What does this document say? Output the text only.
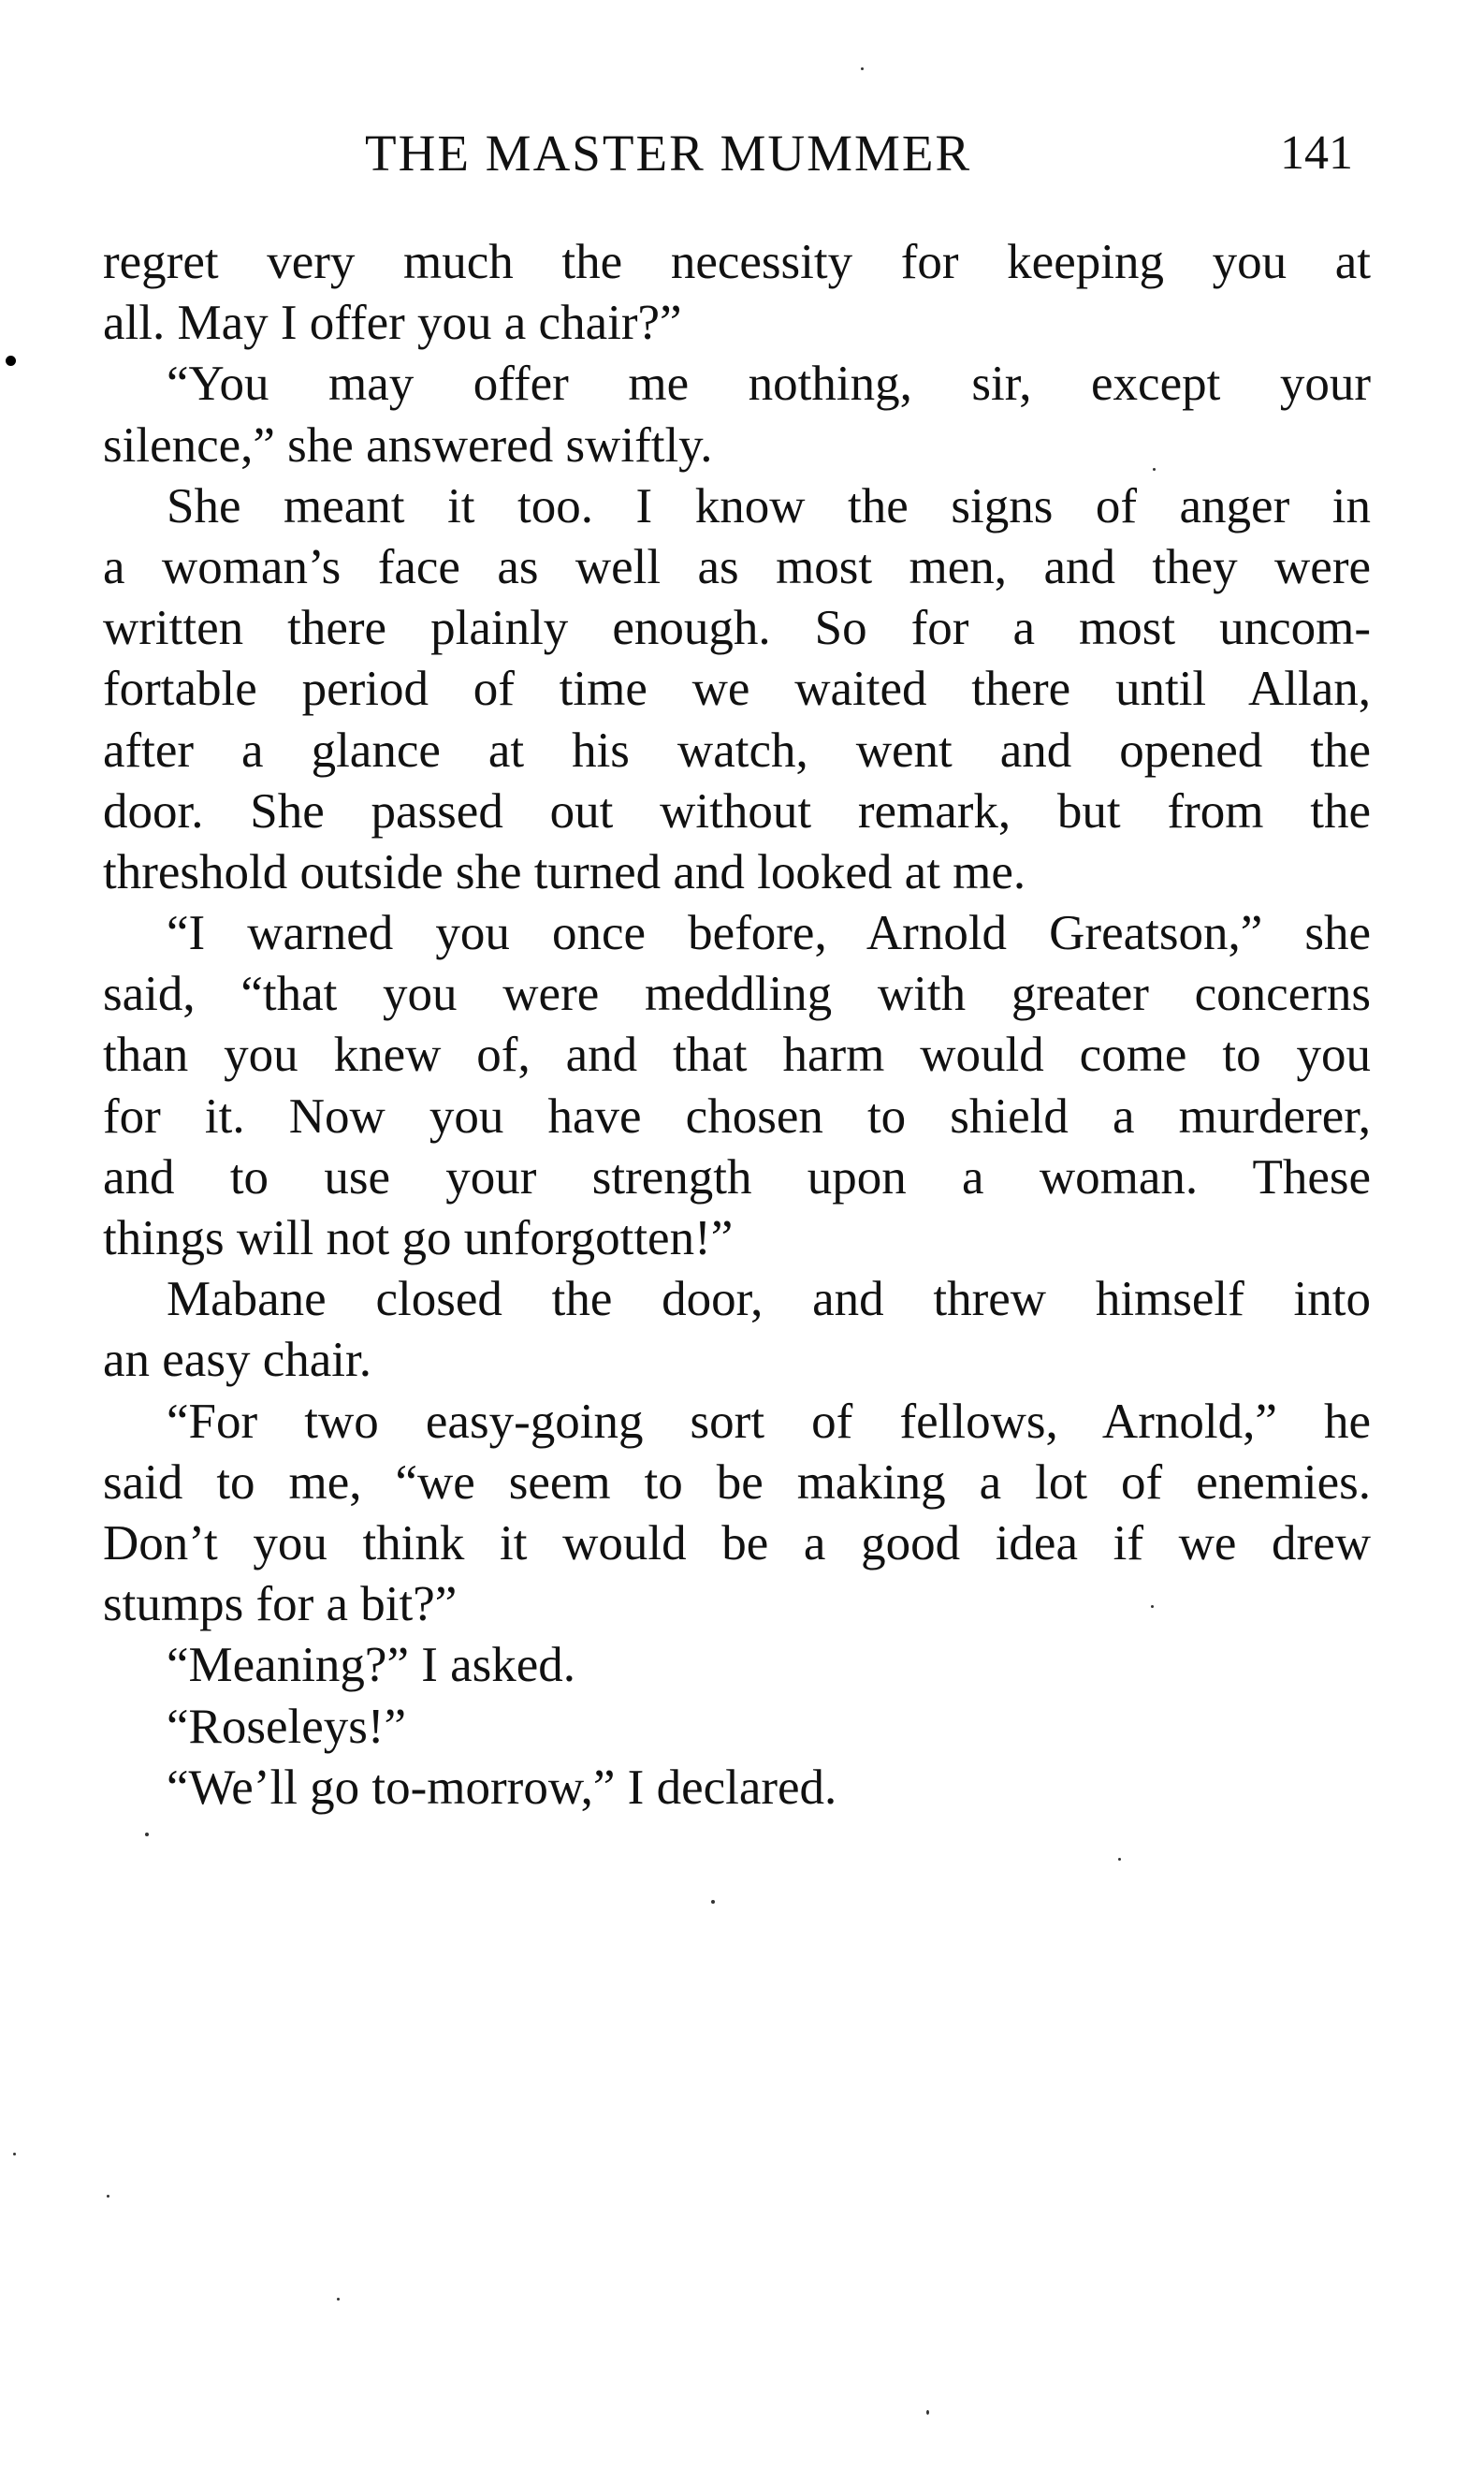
THE MASTER MUMMER	141
regret very much the necessity for keeping you at
all. May I offer you a chair?”
“You may offer me nothing, sir, except your
silence,” she answered swiftly.
She meant it too. I know the signs of anger in
a woman’s face as well as most men, and they were
written there plainly enough. So for a most uncom-
fortable period of time we waited there until Allan,
after a glance at his watch, went and opened the
door. She passed out without remark, but from the
threshold outside she turned and looked at me.
“I warned you once before, Arnold Greatson,” she
said, “that you were meddling with greater concerns
than you knew of, and that harm would come to you
for it. Now you have chosen to shield a murderer,
and to use your strength upon a woman. These
things will not go unforgotten!”
Mabane closed the door, and threw himself into
an easy chair.
“For two easy-going sort of fellows, Arnold,” he
said to me, “we seem to be making a lot of enemies.
Don’t you think it would be a good idea if we drew
stumps for a bit?”
“Meaning?” I asked.
“Roseleys!”
“We’ll go to-morrow,” I declared.
